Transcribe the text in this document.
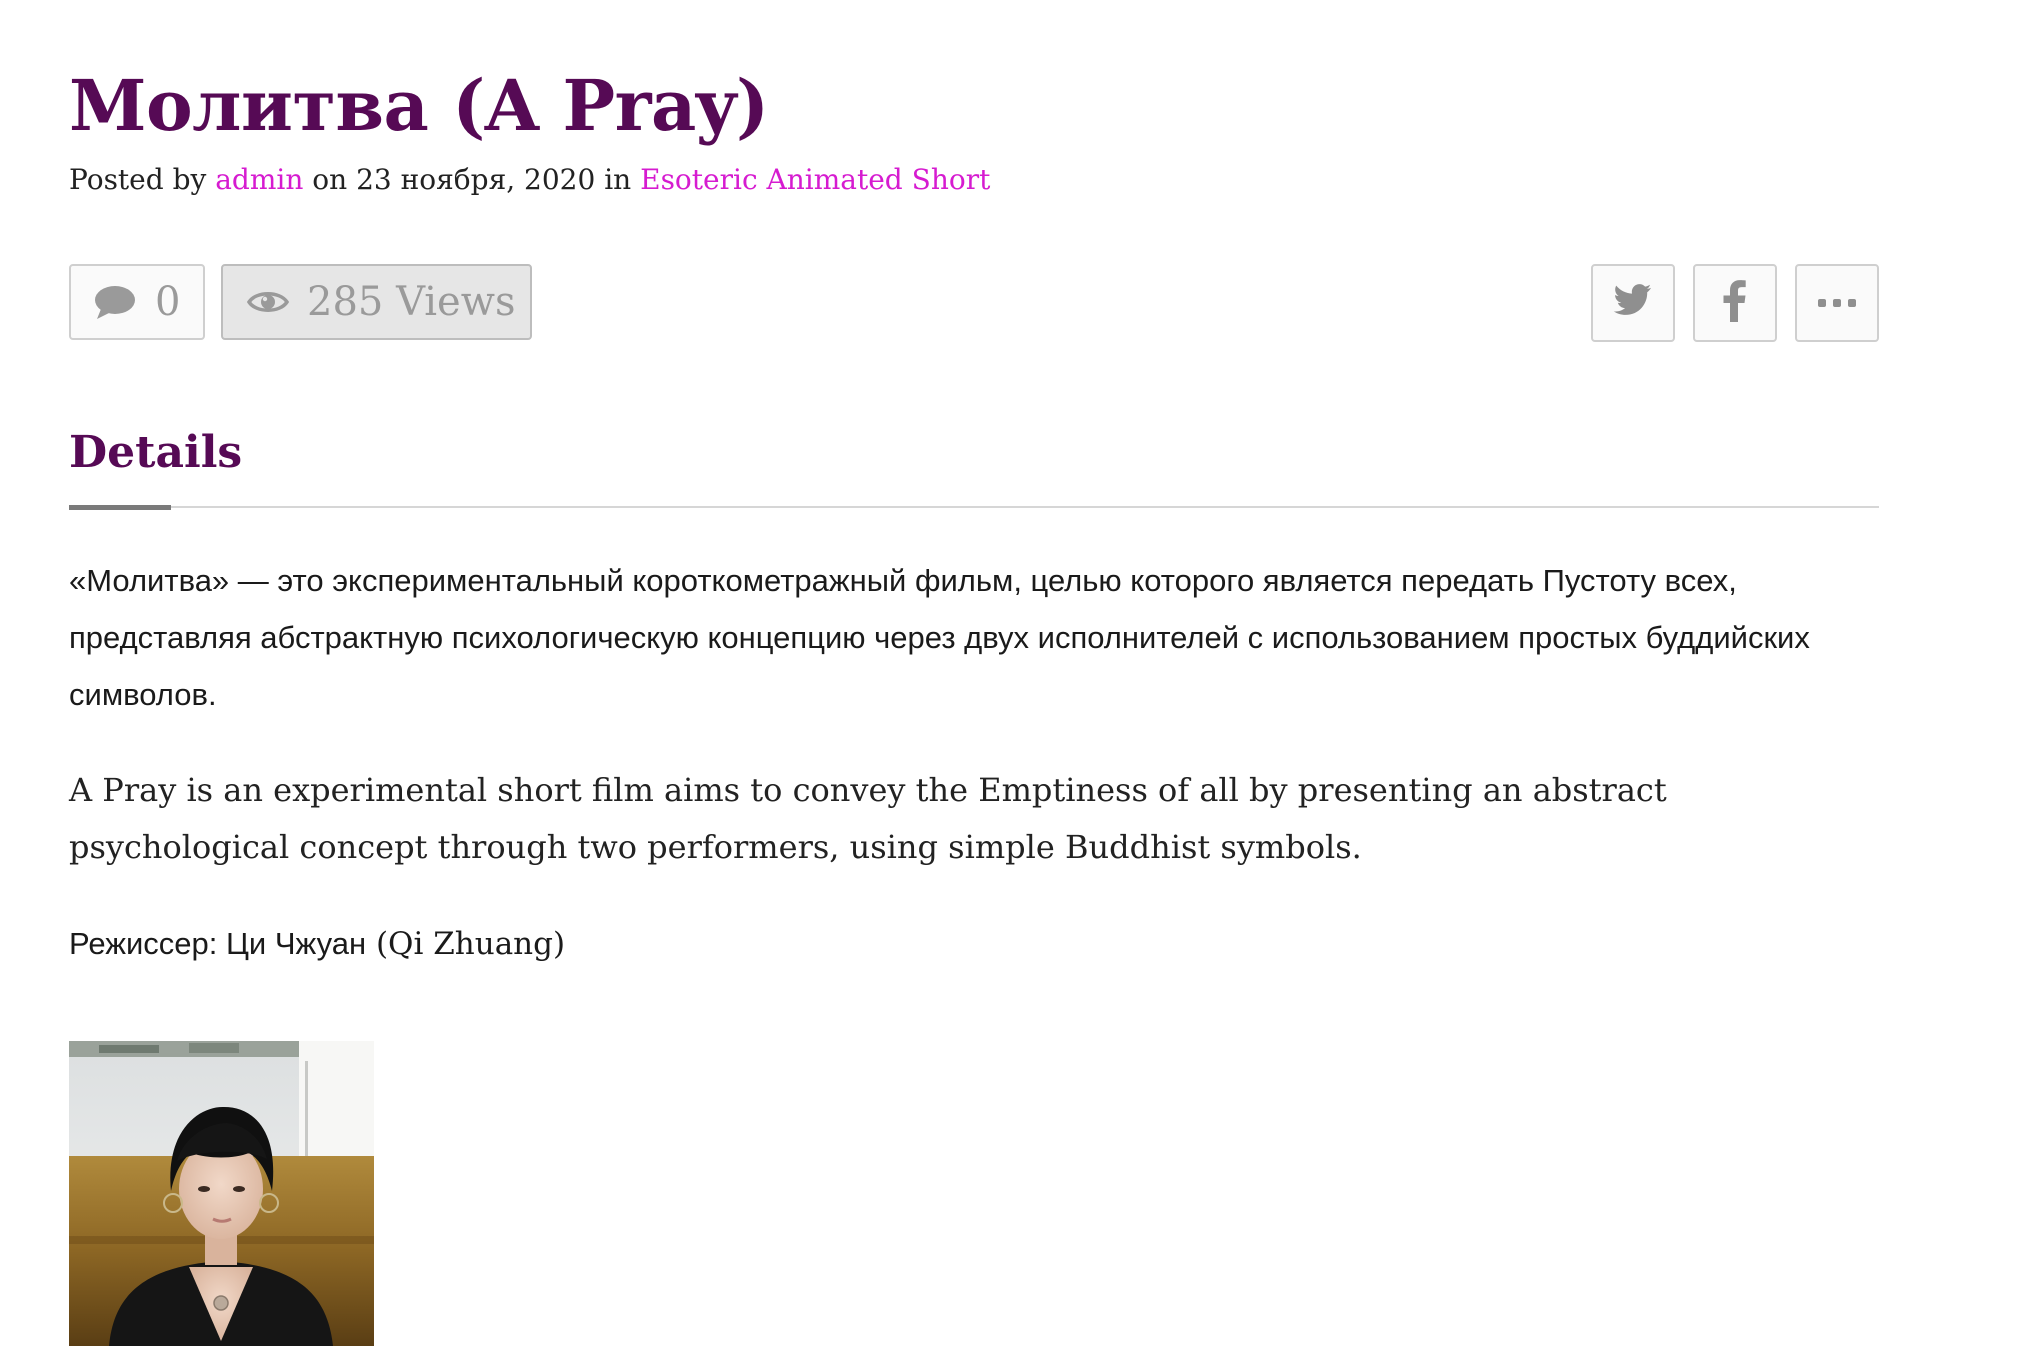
Молитва (A Pray)
Posted by admin on 23 ноября, 2020 in Esoteric Animated Short
0	285 Views
Details

«Молитва» — это экспериментальный короткометражный фильм, целью которого является передать Пустоту всех, представляя абстрактную психологическую концепцию через двух исполнителей с использованием простых буддийских символов.

A Pray is an experimental short film aims to convey the Emptiness of all by presenting an abstract psychological concept through two performers, using simple Buddhist symbols.

Режиссер: Ци Чжуан (Qi Zhuang)
